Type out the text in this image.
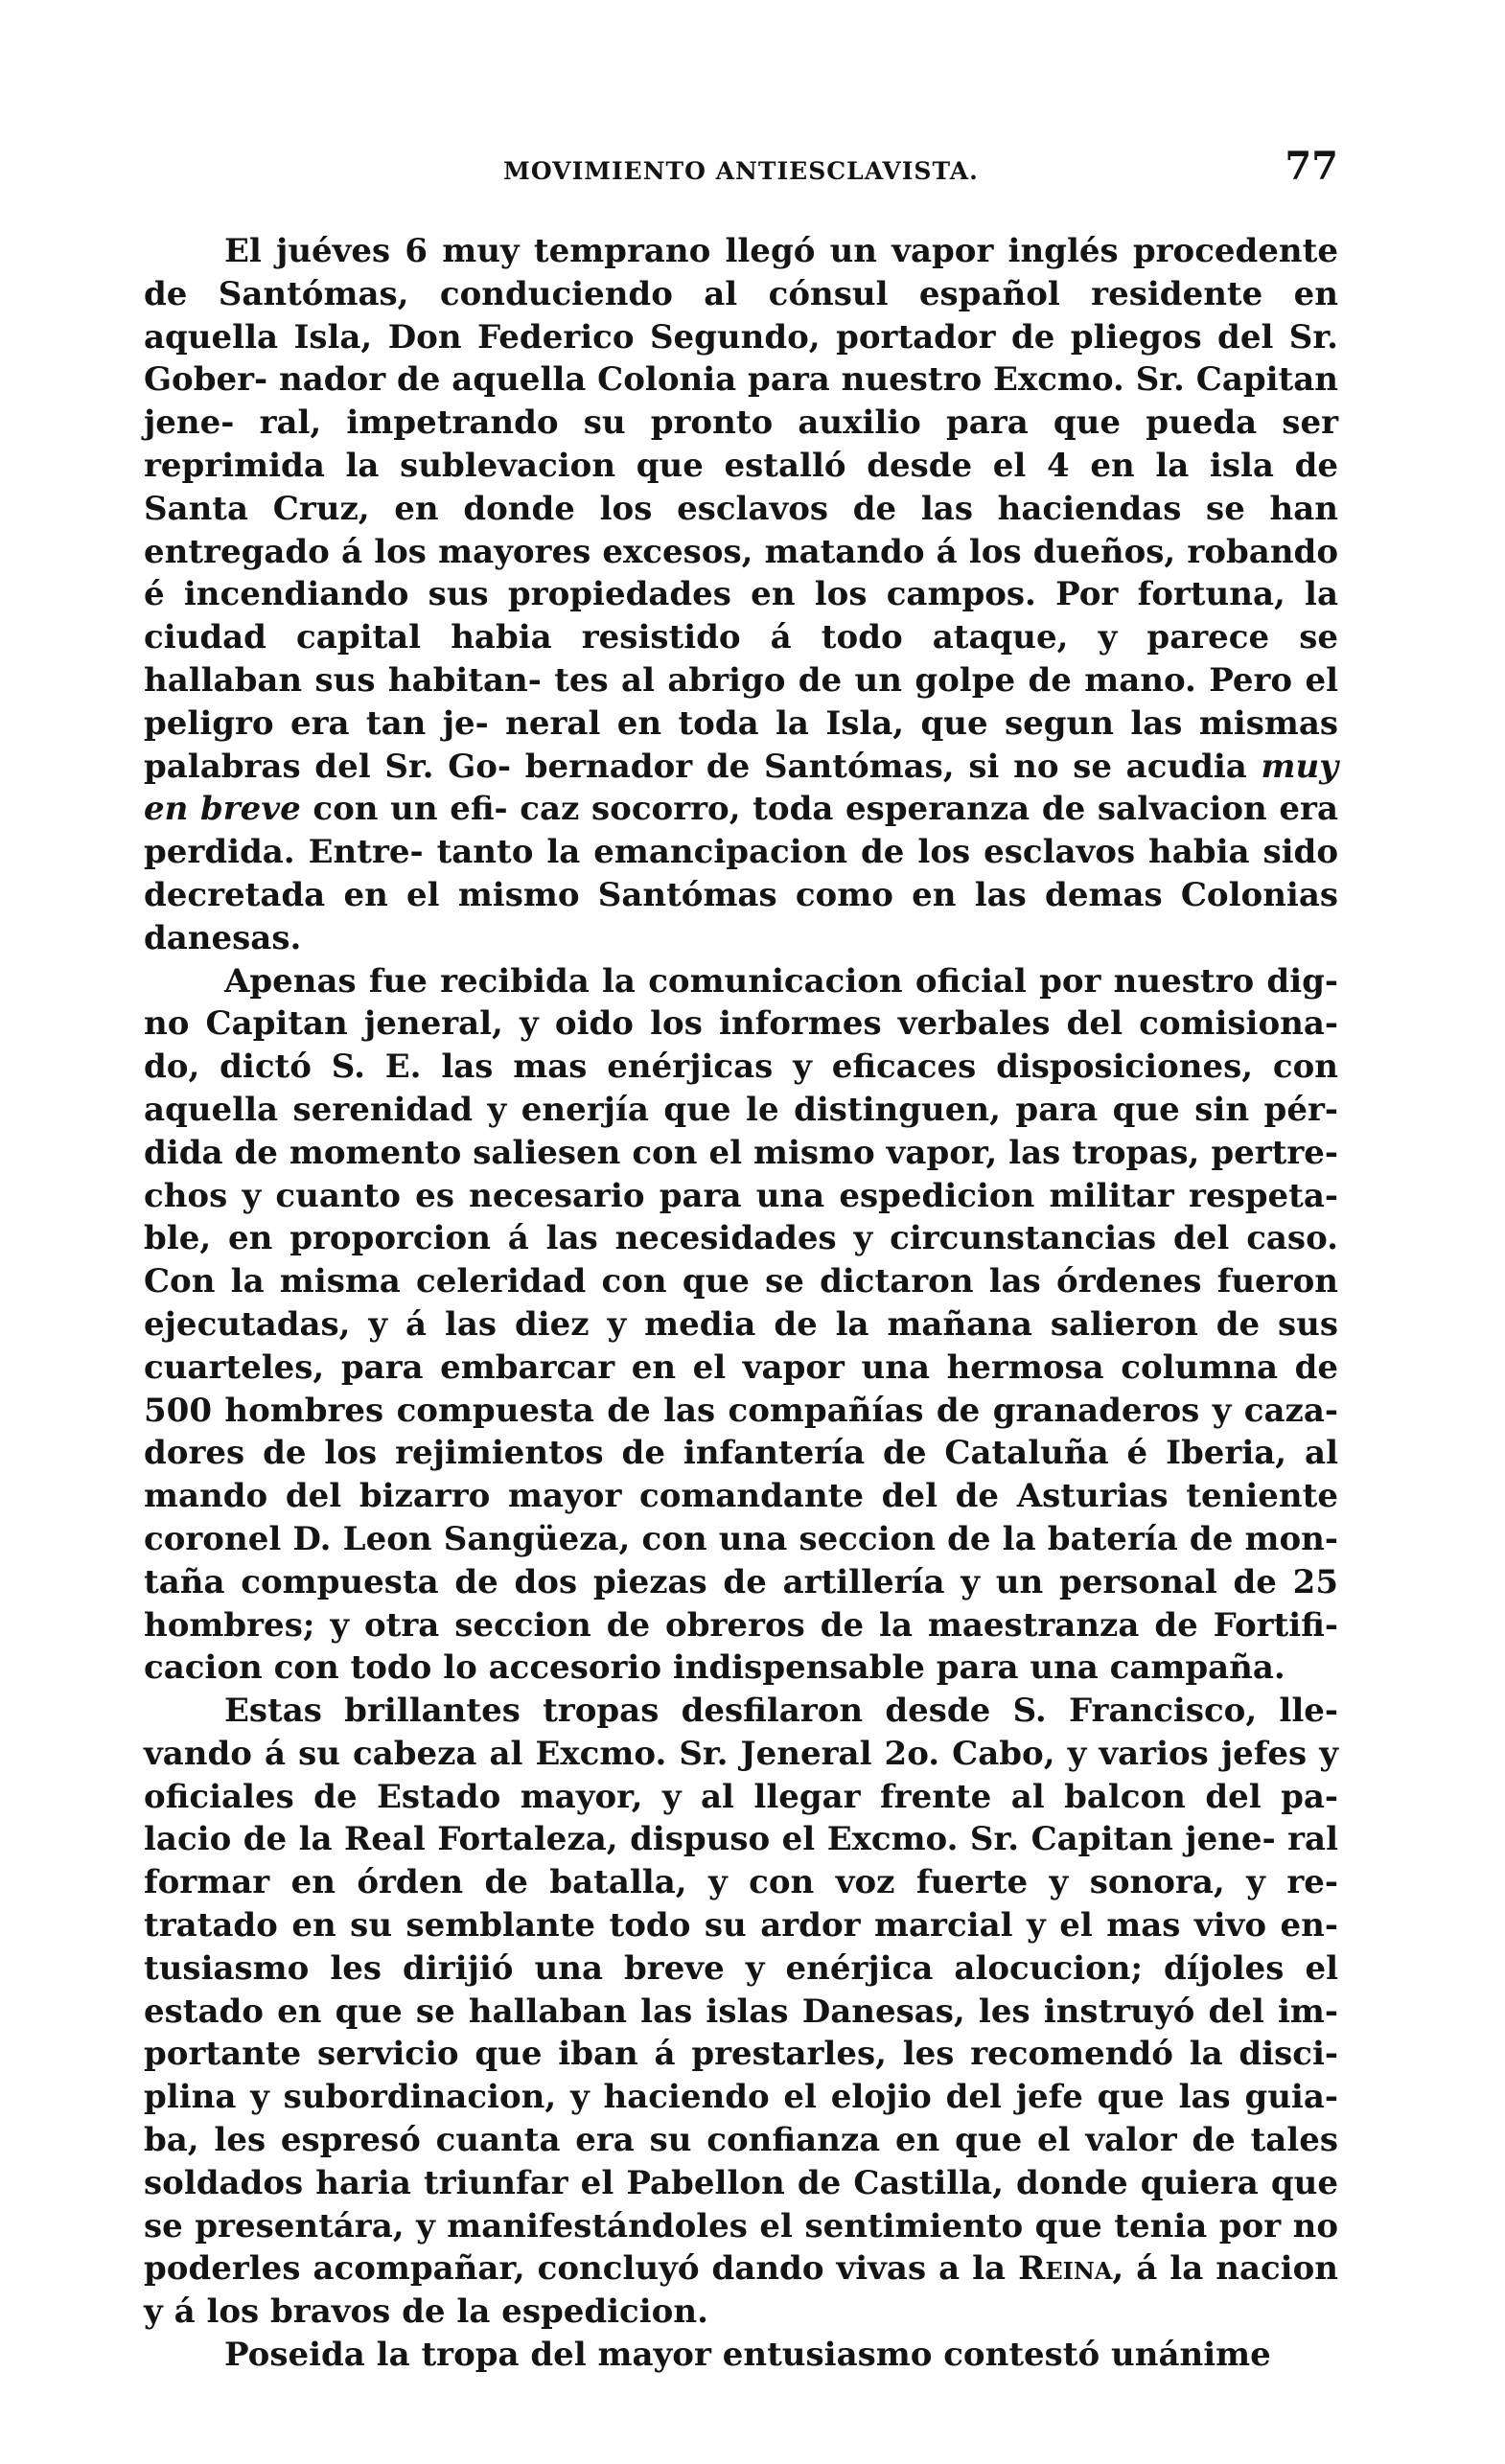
MOVIMIENTO ANTIESCLAVISTA.	77

El juéves 6 muy temprano llegó un vapor inglés procedente de Santómas, conduciendo al cónsul español residente en aquella Isla, Don Federico Segundo, portador de pliegos del Sr. Gober- nador de aquella Colonia para nuestro Excmo. Sr. Capitan jene- ral, impetrando su pronto auxilio para que pueda ser reprimida la sublevacion que estalló desde el 4 en la isla de Santa Cruz, en donde los esclavos de las haciendas se han entregado á los mayores excesos, matando á los dueños, robando é incendiando sus propiedades en los campos. Por fortuna, la ciudad capital habia resistido á todo ataque, y parece se hallaban sus habitan- tes al abrigo de un golpe de mano. Pero el peligro era tan je- neral en toda la Isla, que segun las mismas palabras del Sr. Go- bernador de Santómas, si no se acudia muy en breve con un efi- caz socorro, toda esperanza de salvacion era perdida. Entre- tanto la emancipacion de los esclavos habia sido decretada en el mismo Santómas como en las demas Colonias danesas.

Apenas fue recibida la comunicacion oficial por nuestro dig- no Capitan jeneral, y oido los informes verbales del comisiona- do, dictó S. E. las mas enérjicas y eficaces disposiciones, con aquella serenidad y enerjía que le distinguen, para que sin pér- dida de momento saliesen con el mismo vapor, las tropas, pertre- chos y cuanto es necesario para una espedicion militar respeta- ble, en proporcion á las necesidades y circunstancias del caso. Con la misma celeridad con que se dictaron las órdenes fueron ejecutadas, y á las diez y media de la mañana salieron de sus cuarteles, para embarcar en el vapor una hermosa columna de 500 hombres compuesta de las compañías de granaderos y caza- dores de los rejimientos de infantería de Cataluña é Iberia, al mando del bizarro mayor comandante del de Asturias teniente coronel D. Leon Sangüeza, con una seccion de la batería de mon- taña compuesta de dos piezas de artillería y un personal de 25 hombres; y otra seccion de obreros de la maestranza de Fortifi- cacion con todo lo accesorio indispensable para una campaña.

Estas brillantes tropas desfilaron desde S. Francisco, lle- vando á su cabeza al Excmo. Sr. Jeneral 2o. Cabo, y varios jefes y oficiales de Estado mayor, y al llegar frente al balcon del pa- lacio de la Real Fortaleza, dispuso el Excmo. Sr. Capitan jene- ral formar en órden de batalla, y con voz fuerte y sonora, y re- tratado en su semblante todo su ardor marcial y el mas vivo en- tusiasmo les dirijió una breve y enérjica alocucion; díjoles el estado en que se hallaban las islas Danesas, les instruyó del im- portante servicio que iban á prestarles, les recomendó la disci- plina y subordinacion, y haciendo el elojio del jefe que las guia- ba, les espresó cuanta era su confianza en que el valor de tales soldados haria triunfar el Pabellon de Castilla, donde quiera que se presentára, y manifestándoles el sentimiento que tenia por no poderles acompañar, concluyó dando vivas a la Reina, á la nacion y á los bravos de la espedicion.

Poseida la tropa del mayor entusiasmo contestó unánime
